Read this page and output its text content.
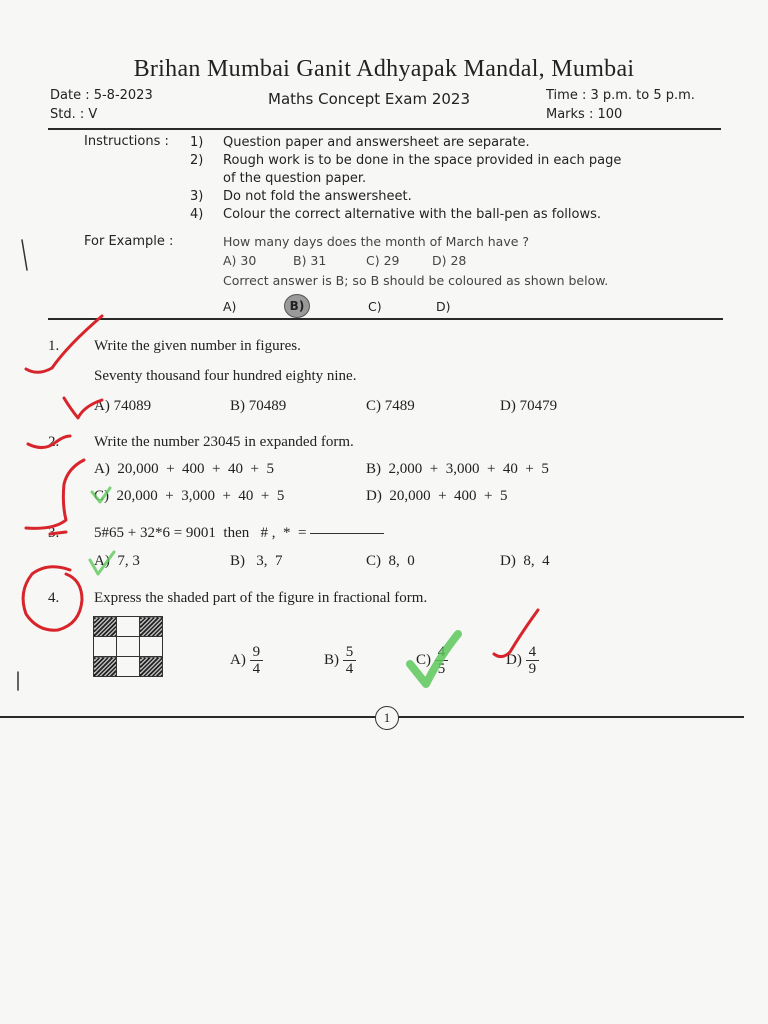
Brihan Mumbai Ganit Adhyapak Mandal, Mumbai
Date : 5-8-2023
Std. : V
Maths Concept Exam 2023	Time : 3 p.m. to 5 p.m.
Marks : 100
Instructions : 1) Question paper and answersheet are separate.
2) Rough work is to be done in the space provided in each page
of the question paper.
3) Do not fold the answersheet.
4) Colour the correct alternative with the ball-pen as follows.
For Example :	How many days does the month of March have ?
A) 30	B) 31	C) 29	D) 28
Correct answer is B; so B should be coloured as shown below.
A)	B)	C)	D)
1. Write the given number in figures.
Seventy thousand four hundred eighty nine.
A) 74089	B) 70489	C) 7489	D) 70479
2. Write the number 23045 in expanded form.
A)  20,000  +  400  +  40  +  5	B)  2,000  +  3,000  +  40  +  5
C)  20,000  +  3,000  +  40  +  5	D)  20,000  +  400  +  5
3. 5#65 + 32*6 = 9001  then   # ,  *  =
A)  7, 3	B)   3,  7	C)  8,  0	D)  8,  4
4. Express the shaded part of the figure in fractional form.

$A) \frac{9}{4}$	$B) \frac{5}{4}$	$C) \frac{4}{5}$	$D) \frac{4}{9}$
1
